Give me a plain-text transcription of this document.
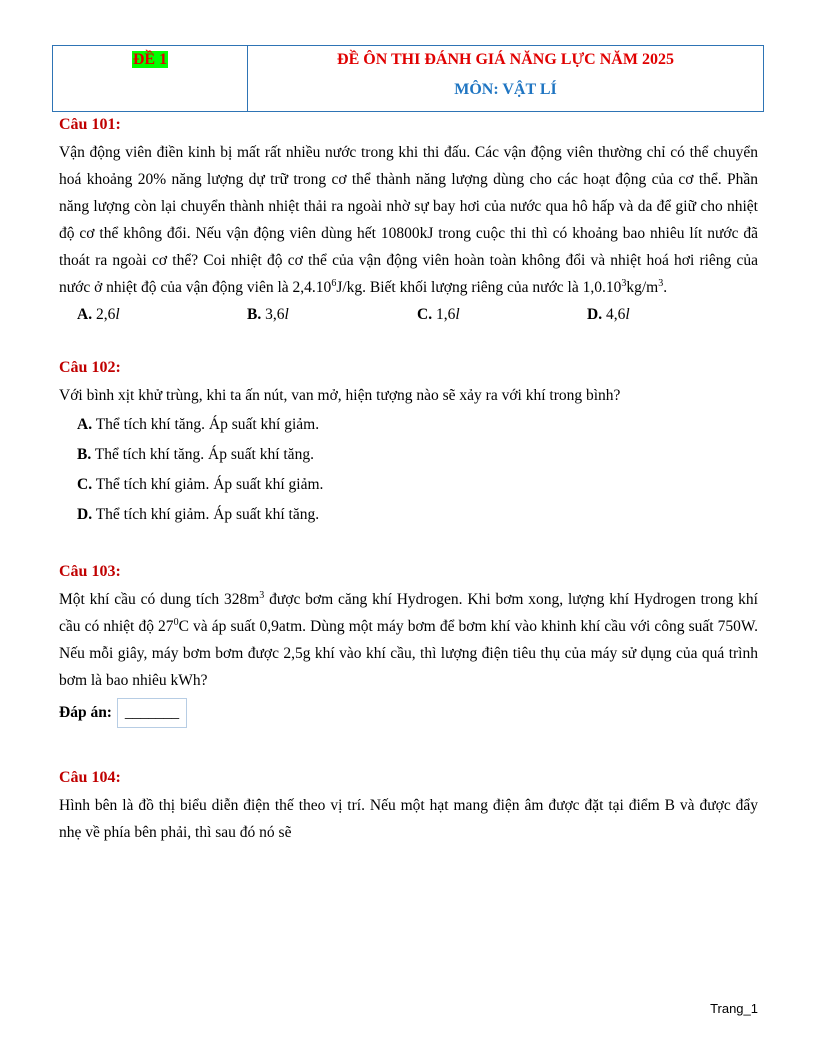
ĐỀ 1	ĐỀ ÔN THI ĐÁNH GIÁ NĂNG LỰC NĂM 2025
MÔN: VẬT LÍ
Câu 101:
Vận động viên điền kinh bị mất rất nhiều nước trong khi thi đấu. Các vận động viên thường chỉ có thể chuyển hoá khoảng 20% năng lượng dự trữ trong cơ thể thành năng lượng dùng cho các hoạt động của cơ thể. Phần năng lượng còn lại chuyển thành nhiệt thải ra ngoài nhờ sự bay hơi của nước qua hô hấp và da để giữ cho nhiệt độ cơ thể không đổi. Nếu vận động viên dùng hết 10800kJ trong cuộc thi thì có khoảng bao nhiêu lít nước đã thoát ra ngoài cơ thể? Coi nhiệt độ cơ thể của vận động viên hoàn toàn không đổi và nhiệt hoá hơi riêng của nước ở nhiệt độ của vận động viên là 2,4.10$^6$J/kg. Biết khối lượng riêng của nước là $1,0.10^3kg/m^3$.
A. 2,6l	B. 3,6l	C. 1,6l	D. 4,6l
Câu 102:
Với bình xịt khử trùng, khi ta ấn nút, van mở, hiện tượng nào sẽ xảy ra với khí trong bình?
A. Thể tích khí tăng. Áp suất khí giảm.
B. Thể tích khí tăng. Áp suất khí tăng.
C. Thể tích khí giảm. Áp suất khí giảm.
D. Thể tích khí giảm. Áp suất khí tăng.
Câu 103:
Một khí cầu có dung tích $328m^3$ được bơm căng khí Hydrogen. Khi bơm xong, lượng khí Hydrogen trong khí cầu có nhiệt độ $27^0C$ và áp suất 0,9atm. Dùng một máy bơm để bơm khí vào khinh khí cầu với công suất 750W. Nếu mỗi giây, máy bơm bơm được 2,5g khí vào khí cầu, thì lượng điện tiêu thụ của máy sử dụng của quá trình bơm là bao nhiêu kWh?
Đáp án: _______
Câu 104:
Hình bên là đồ thị biểu diễn điện thế theo vị trí. Nếu một hạt mang điện âm được đặt tại điểm B và được đẩy nhẹ về phía bên phải, thì sau đó nó sẽ
Trang_1
